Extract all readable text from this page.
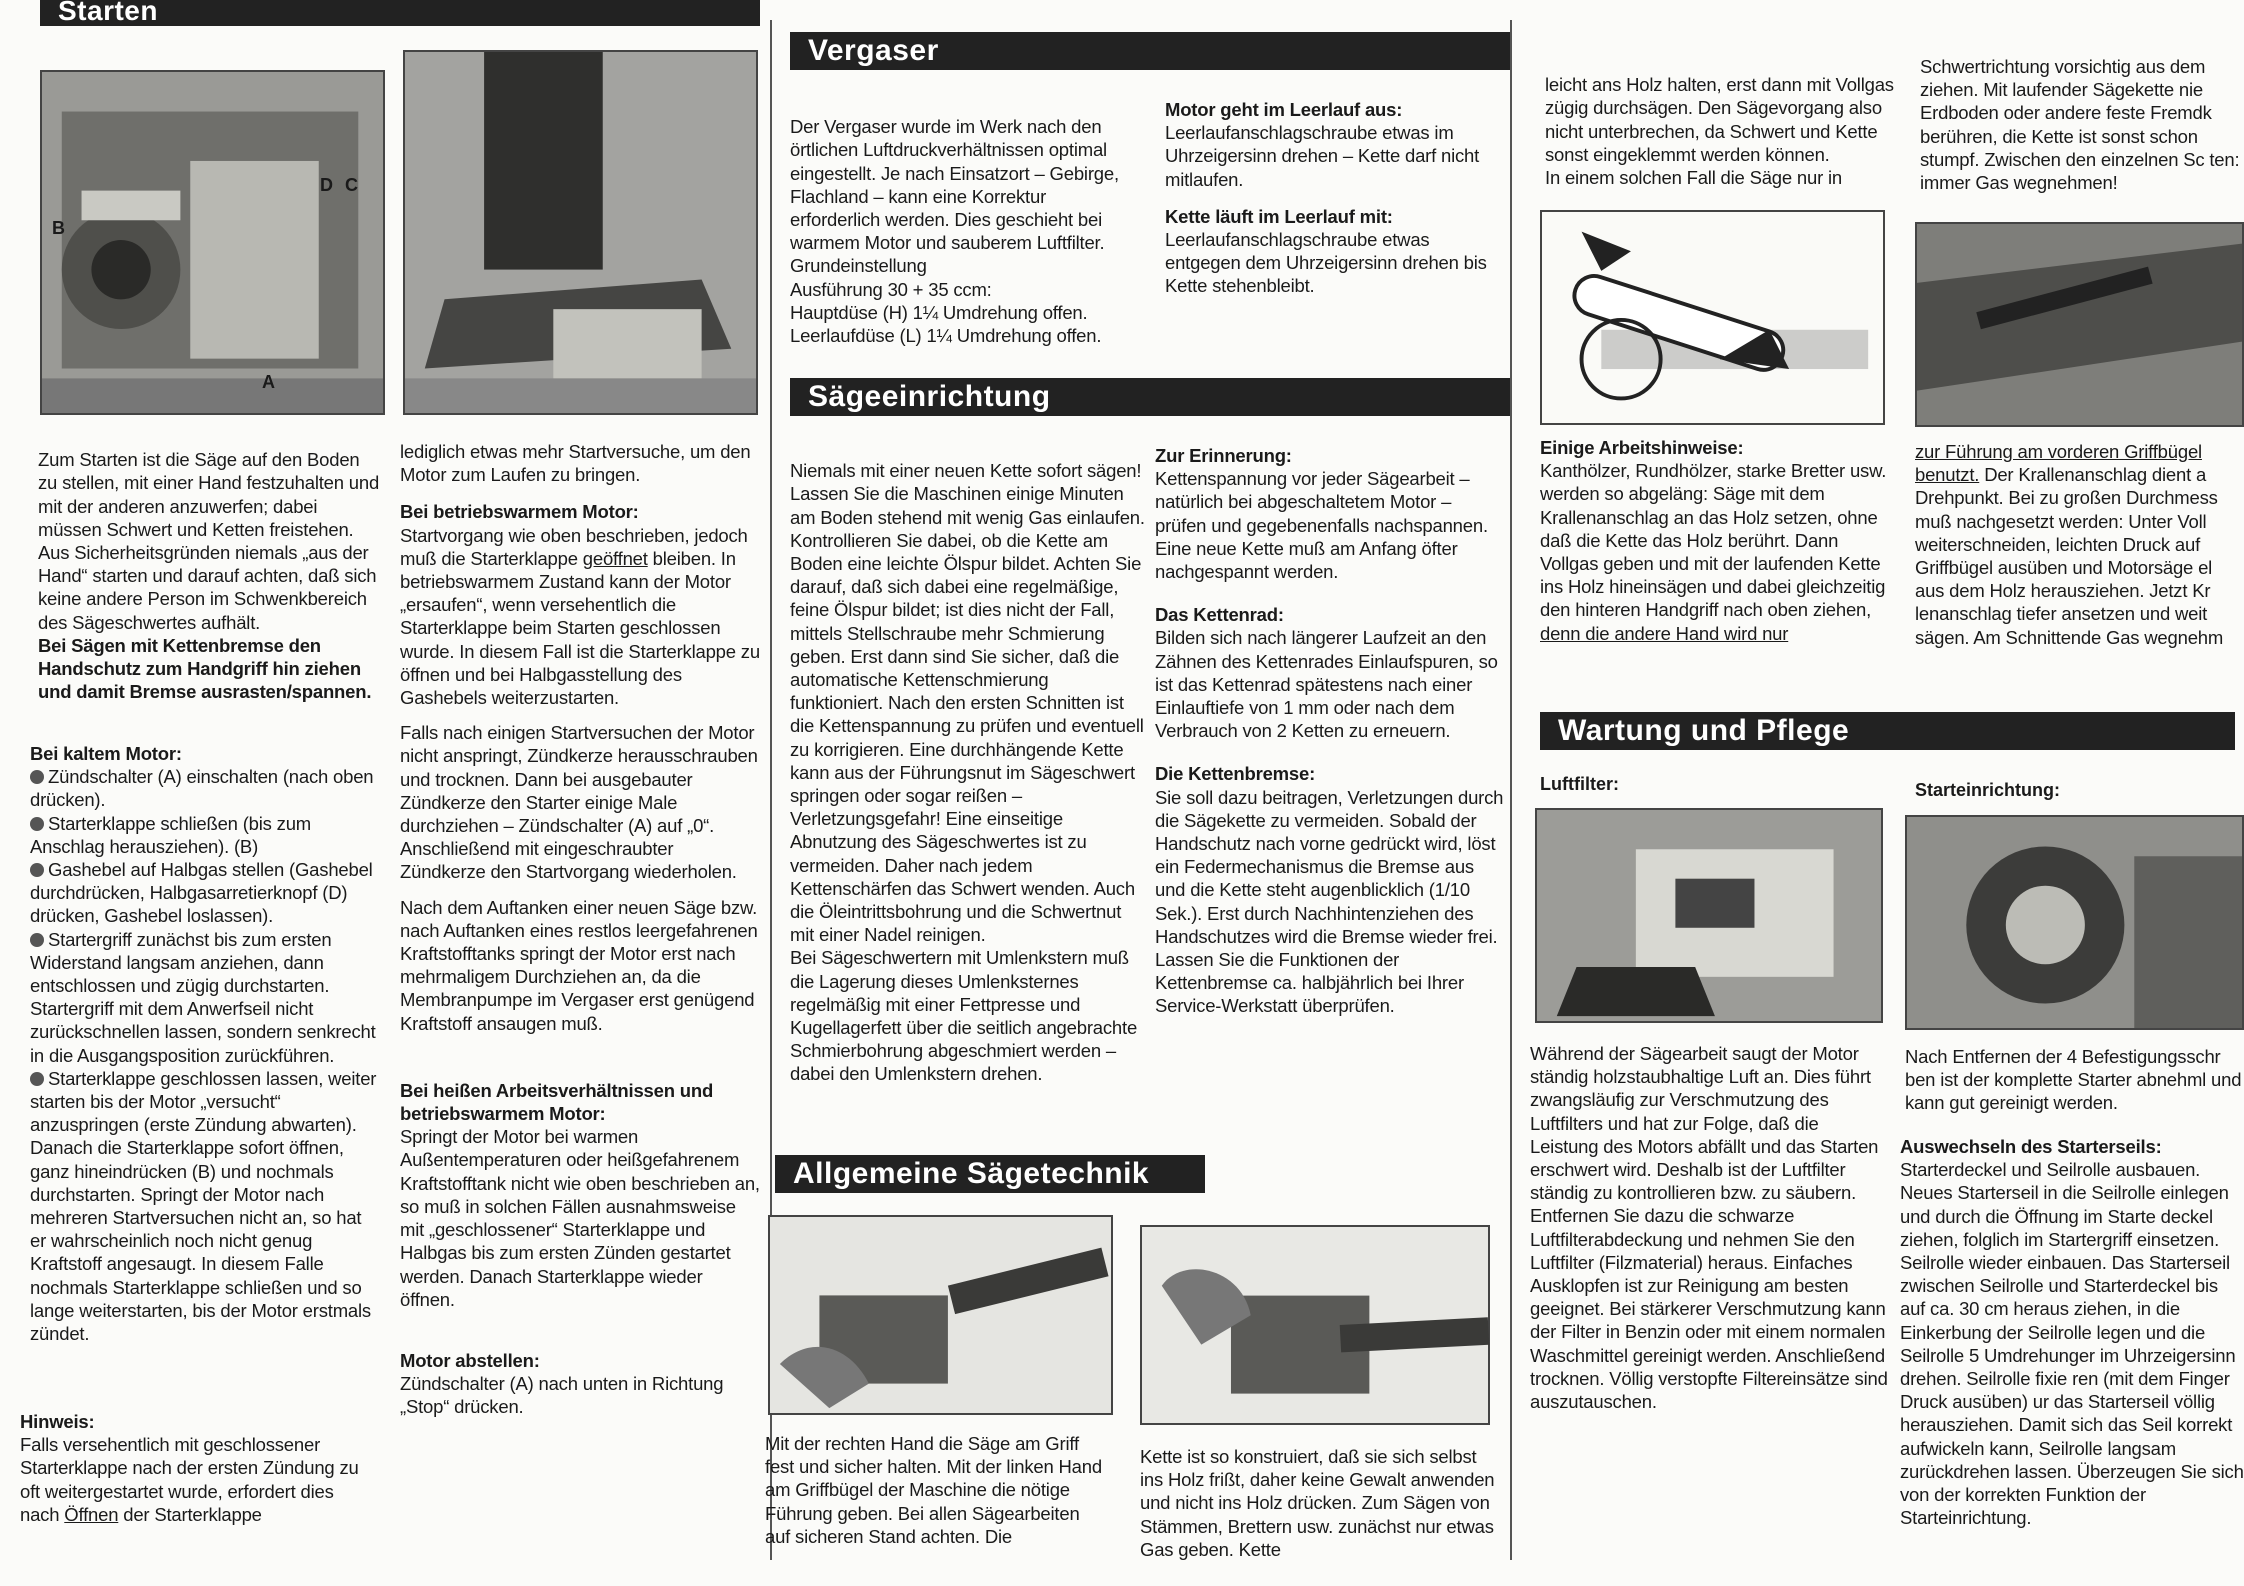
Starten
B
D C
A

Zum Starten ist die Säge auf den Boden zu stellen, mit einer Hand festzuhalten und mit der anderen anzuwerfen; dabei müssen Schwert und Ketten freistehen. Aus Sicherheitsgründen niemals „aus der Hand“ starten und darauf achten, daß sich keine andere Person im Schwenkbereich des Sägeschwertes aufhält.

Bei Sägen mit Kettenbremse den Handschutz zum Handgriff hin ziehen und damit Bremse ausrasten/spannen.

Bei kaltem Motor:
Zündschalter (A) einschalten (nach oben drücken).
Starterklappe schließen (bis zum Anschlag herausziehen). (B)
Gashebel auf Halbgas stellen (Gashebel durchdrücken, Halbgasarretierknopf (D) drücken, Gashebel loslassen).
Startergriff zunächst bis zum ersten Widerstand langsam anziehen, dann entschlossen und zügig durchstarten. Startergriff mit dem Anwerfseil nicht zurückschnellen lassen, sondern senkrecht in die Ausgangsposition zurückführen.
Starterklappe geschlossen lassen, weiter starten bis der Motor „versucht“ anzuspringen (erste Zündung abwarten). Danach die Starterklappe sofort öffnen, ganz hineindrücken (B) und nochmals durchstarten. Springt der Motor nach mehreren Startversuchen nicht an, so hat er wahrscheinlich noch nicht genug Kraftstoff angesaugt. In diesem Falle nochmals Starterklappe schließen und so lange weiterstarten, bis der Motor erstmals zündet.
Hinweis:
Falls versehentlich mit geschlossener Starterklappe nach der ersten Zündung zu oft weitergestartet wurde, erfordert dies nach Öffnen der Starterklappe

lediglich etwas mehr Startversuche, um den Motor zum Laufen zu bringen.

Bei betriebswarmem Motor:

Startvorgang wie oben beschrieben, jedoch muß die Starterklappe geöffnet bleiben. In betriebswarmem Zustand kann der Motor „ersaufen“, wenn versehentlich die Starterklappe beim Starten geschlossen wurde. In diesem Fall ist die Starterklappe zu öffnen und bei Halbgasstellung des Gashebels weiterzustarten.

Falls nach einigen Startversuchen der Motor nicht anspringt, Zündkerze herausschrauben und trocknen. Dann bei ausgebauter Zündkerze den Starter einige Male durchziehen – Zündschalter (A) auf „0“. Anschließend mit eingeschraubter Zündkerze den Startvorgang wiederholen.

Nach dem Auftanken einer neuen Säge bzw. nach Auftanken eines restlos leergefahrenen Kraftstofftanks springt der Motor erst nach mehrmaligem Durchziehen an, da die Membranpumpe im Vergaser erst genügend Kraftstoff ansaugen muß.

Bei heißen Arbeitsverhältnissen und betriebswarmem Motor:

Springt der Motor bei warmen Außentemperaturen oder heißgefahrenem Kraftstofftank nicht wie oben beschrieben an, so muß in solchen Fällen ausnahmsweise mit „geschlossener“ Starterklappe und Halbgas bis zum ersten Zünden gestartet werden. Danach Starterklappe wieder öffnen.

Motor abstellen:

Zündschalter (A) nach unten in Richtung „Stop“ drücken.

Vergaser

Der Vergaser wurde im Werk nach den örtlichen Luftdruckverhältnissen optimal eingestellt. Je nach Einsatzort – Gebirge, Flachland – kann eine Korrektur erforderlich werden. Dies geschieht bei warmem Motor und sauberem Luftfilter. Grundeinstellung
Ausführung 30 + 35 ccm:
Hauptdüse (H) 1¼ Umdrehung offen.
Leerlaufdüse (L) 1¼ Umdrehung offen.

Motor geht im Leerlauf aus:

Leerlaufanschlagschraube etwas im Uhrzeigersinn drehen – Kette darf nicht mitlaufen.

Kette läuft im Leerlauf mit:

Leerlaufanschlagschraube etwas entgegen dem Uhrzeigersinn drehen bis Kette stehenbleibt.

Sägeeinrichtung

Niemals mit einer neuen Kette sofort sägen! Lassen Sie die Maschinen einige Minuten am Boden stehend mit wenig Gas einlaufen. Kontrollieren Sie dabei, ob die Kette am Boden eine leichte Ölspur bildet. Achten Sie darauf, daß sich dabei eine regelmäßige, feine Ölspur bildet; ist dies nicht der Fall, mittels Stellschraube mehr Schmierung geben. Erst dann sind Sie sicher, daß die automatische Kettenschmierung funktioniert. Nach den ersten Schnitten ist die Kettenspannung zu prüfen und eventuell zu korrigieren. Eine durchhängende Kette kann aus der Führungsnut im Sägeschwert springen oder sogar reißen – Verletzungsgefahr! Eine einseitige Abnutzung des Sägeschwertes ist zu vermeiden. Daher nach jedem Kettenschärfen das Schwert wenden. Auch die Öleintrittsbohrung und die Schwertnut mit einer Nadel reinigen.
Bei Sägeschwertern mit Umlenkstern muß die Lagerung dieses Umlenksternes regelmäßig mit einer Fettpresse und Kugellagerfett über die seitlich angebrachte Schmierbohrung abgeschmiert werden – dabei den Umlenkstern drehen.

Zur Erinnerung:

Kettenspannung vor jeder Sägearbeit – natürlich bei abgeschaltetem Motor – prüfen und gegebenenfalls nachspannen. Eine neue Kette muß am Anfang öfter nachgespannt werden.

Das Kettenrad:

Bilden sich nach längerer Laufzeit an den Zähnen des Kettenrades Einlaufspuren, so ist das Kettenrad spätestens nach einer Einlauftiefe von 1 mm oder nach dem Verbrauch von 2 Ketten zu erneuern.

Die Kettenbremse:

Sie soll dazu beitragen, Verletzungen durch die Sägekette zu vermeiden. Sobald der Handschutz nach vorne gedrückt wird, löst ein Federmechanismus die Bremse aus und die Kette steht augenblicklich (1/10 Sek.). Erst durch Nachhintenziehen des Handschutzes wird die Bremse wieder frei. Lassen Sie die Funktionen der Kettenbremse ca. halbjährlich bei Ihrer Service-Werkstatt überprüfen.

Allgemeine Sägetechnik
Mit der rechten Hand die Säge am Griff fest und sicher halten. Mit der linken Hand am Griffbügel der Maschine die nötige Führung geben. Bei allen Sägearbeiten auf sicheren Stand achten. Die
Kette ist so konstruiert, daß sie sich selbst ins Holz frißt, daher keine Gewalt anwenden und nicht ins Holz drücken. Zum Sägen von Stämmen, Brettern usw. zunächst nur etwas Gas geben. Kette

leicht ans Holz halten, erst dann mit Vollgas zügig durchsägen. Den Sägevorgang also nicht unterbrechen, da Schwert und Kette sonst eingeklemmt werden können.
In einem solchen Fall die Säge nur in

Einige Arbeitshinweise:
Kanthölzer, Rundhölzer, starke Bretter usw. werden so abgeläng: Säge mit dem Krallenanschlag an das Holz setzen, ohne daß die Kette das Holz berührt. Dann Vollgas geben und mit der laufenden Kette ins Holz hineinsägen und dabei gleichzeitig den hinteren Handgriff nach oben ziehen, denn die andere Hand wird nur
Wartung und Pflege
Luftfilter:
Während der Sägearbeit saugt der Motor ständig holzstaubhaltige Luft an. Dies führt zwangsläufig zur Verschmutzung des Luftfilters und hat zur Folge, daß die Leistung des Motors abfällt und das Starten erschwert wird. Deshalb ist der Luftfilter ständig zu kontrollieren bzw. zu säubern. Entfernen Sie dazu die schwarze Luftfilterabdeckung und nehmen Sie den Luftfilter (Filzmaterial) heraus. Einfaches Ausklopfen ist zur Reinigung am besten geeignet. Bei stärkerer Verschmutzung kann der Filter in Benzin oder mit einem normalen Waschmittel gereinigt werden. Anschließend trocknen. Völlig verstopfte Filtereinsätze sind auszutauschen.
Schwertrichtung vorsichtig aus dem ziehen. Mit laufender Sägekette nie Erdboden oder andere feste Fremdk berühren, die Kette ist sonst schon stumpf. Zwischen den einzelnen Sc ten: immer Gas wegnehmen!
zur Führung am vorderen Griffbügel benutzt. Der Krallenanschlag dient a Drehpunkt. Bei zu großen Durchmess muß nachgesetzt werden: Unter Voll weiterschneiden, leichten Druck auf Griffbügel ausüben und Motorsäge el aus dem Holz herausziehen. Jetzt Kr lenanschlag tiefer ansetzen und weit sägen. Am Schnittende Gas wegnehm
Starteinrichtung:
Nach Entfernen der 4 Befestigungsschr ben ist der komplette Starter abnehml und kann gut gereinigt werden.
Auswechseln des Starterseils:
Starterdeckel und Seilrolle ausbauen. Neues Starterseil in die Seilrolle einlegen und durch die Öffnung im Starte deckel ziehen, folglich im Startergriff einsetzen. Seilrolle wieder einbauen. Das Starterseil zwischen Seilrolle und Starterdeckel bis auf ca. 30 cm heraus ziehen, in die Einkerbung der Seilrolle legen und die Seilrolle 5 Umdrehunger im Uhrzeigersinn drehen. Seilrolle fixie ren (mit dem Finger Druck ausüben) ur das Starterseil völlig herausziehen. Damit sich das Seil korrekt aufwickeln kann, Seilrolle langsam zurückdrehen lassen. Überzeugen Sie sich von der korrekten Funktion der Starteinrichtung.
